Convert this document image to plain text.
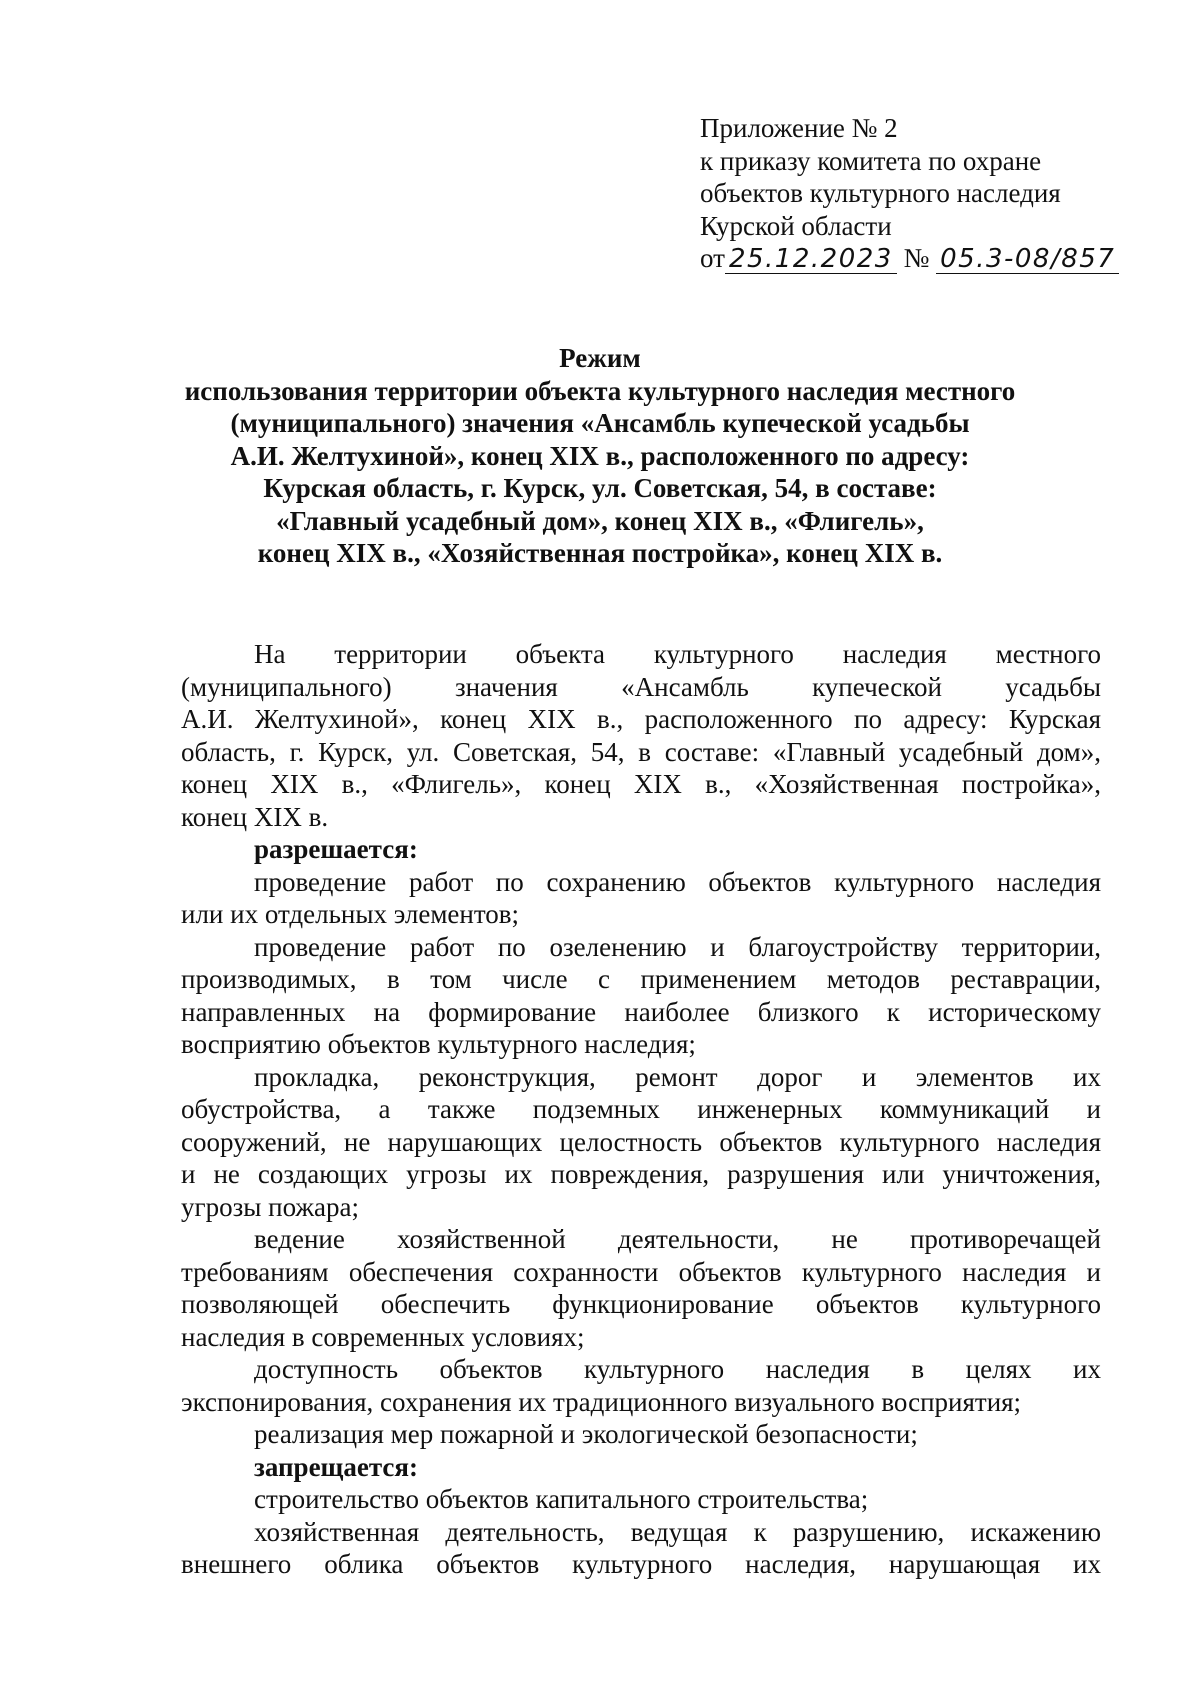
Приложение № 2
к приказу комитета по охране
объектов культурного наследия
Курской области
от 25.12.2023 № 05.3-08/857
Режим
использования территории объекта культурного наследия местного
(муниципального) значения «Ансамбль купеческой усадьбы
А.И. Желтухиной», конец XIX в., расположенного по адресу:
Курская область, г. Курск, ул. Советская, 54, в составе:
«Главный усадебный дом», конец XIX в., «Флигель»,
конец XIX в., «Хозяйственная постройка», конец XIX в.
На территории объекта культурного наследия местного
(муниципального) значения «Ансамбль купеческой усадьбы
А.И. Желтухиной», конец XIX в., расположенного по адресу: Курская
область, г. Курск, ул. Советская, 54, в составе: «Главный усадебный дом»,
конец XIX в., «Флигель», конец XIX в., «Хозяйственная постройка»,
конец XIX в.
разрешается:
проведение работ по сохранению объектов культурного наследия
или их отдельных элементов;
проведение работ по озеленению и благоустройству территории,
производимых, в том числе с применением методов реставрации,
направленных на формирование наиболее близкого к историческому
восприятию объектов культурного наследия;
прокладка, реконструкция, ремонт дорог и элементов их
обустройства, а также подземных инженерных коммуникаций и
сооружений, не нарушающих целостность объектов культурного наследия
и не создающих угрозы их повреждения, разрушения или уничтожения,
угрозы пожара;
ведение хозяйственной деятельности, не противоречащей
требованиям обеспечения сохранности объектов культурного наследия и
позволяющей обеспечить функционирование объектов культурного
наследия в современных условиях;
доступность объектов культурного наследия в целях их
экспонирования, сохранения их традиционного визуального восприятия;
реализация мер пожарной и экологической безопасности;
запрещается:
строительство объектов капитального строительства;
хозяйственная деятельность, ведущая к разрушению, искажению
внешнего облика объектов культурного наследия, нарушающая их
